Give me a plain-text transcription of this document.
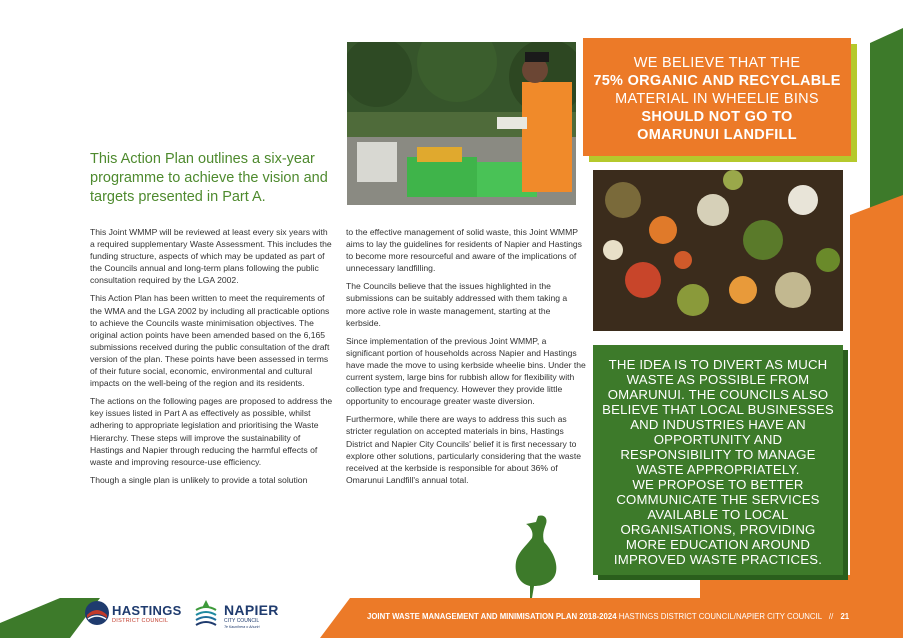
This Action Plan outlines a six-year programme to achieve the vision and targets presented in Part A.

This Joint WMMP will be reviewed at least every six years with a required supplementary Waste Assessment. This includes the funding structure, aspects of which may be updated as part of the Councils annual and long-term plans following the public consultation required by the LGA 2002.

This Action Plan has been written to meet the requirements of the WMA and the LGA 2002 by including all practicable options to achieve the Councils waste minimisation objectives. The original action points have been amended based on the 6,165 submissions received during the public consultation of the draft version of the plan. These points have been assessed in terms of their future social, economic, environmental and cultural impacts on the well-being of the region and its residents.

The actions on the following pages are proposed to address the key issues listed in Part A as effectively as possible, whilst adhering to appropriate legislation and prioritising the Waste Hierarchy. These steps will improve the sustainability of Hastings and Napier through reducing the harmful effects of waste and improving resource-use efficiency.

Though a single plan is unlikely to provide a total solution

to the effective management of solid waste, this Joint WMMP aims to lay the guidelines for residents of Napier and Hastings to become more resourceful and aware of the implications of unnecessary landfilling.

The Councils believe that the issues highlighted in the submissions can be suitably addressed with them taking a more active role in waste management, starting at the kerbside.

Since implementation of the previous Joint WMMP, a significant portion of households across Napier and Hastings have made the move to using kerbside wheelie bins. Under the current system, large bins for rubbish allow for flexibility with collection type and frequency. However they provide little opportunity to encourage greater waste diversion.

Furthermore, while there are ways to address this such as stricter regulation on accepted materials in bins, Hastings District and Napier City Councils' belief it is first necessary to explore other solutions, particularly considering that the waste received at the kerbside is responsible for about 36% of Omarunui Landfill's annual total.

WE BELIEVE THAT THE
75% ORGANIC AND RECYCLABLE
MATERIAL IN WHEELIE BINS
SHOULD NOT GO TO
OMARUNUI LANDFILL
THE IDEA IS TO DIVERT AS MUCH WASTE AS POSSIBLE FROM OMARUNUI. THE COUNCILS ALSO BELIEVE THAT LOCAL BUSINESSES AND INDUSTRIES HAVE AN OPPORTUNITY AND RESPONSIBILITY TO MANAGE WASTE APPROPRIATELY.
WE PROPOSE TO BETTER COMMUNICATE THE SERVICES AVAILABLE TO LOCAL ORGANISATIONS, PROVIDING MORE EDUCATION AROUND IMPROVED WASTE PRACTICES.
HASTINGS
DISTRICT COUNCIL
NAPIER
CITY COUNCIL
Te Kaunihera o Ahuriri
JOINT WASTE MANAGEMENT AND MINIMISATION PLAN 2018-2024 HASTINGS DISTRICT COUNCIL/NAPIER CITY COUNCIL // 21
